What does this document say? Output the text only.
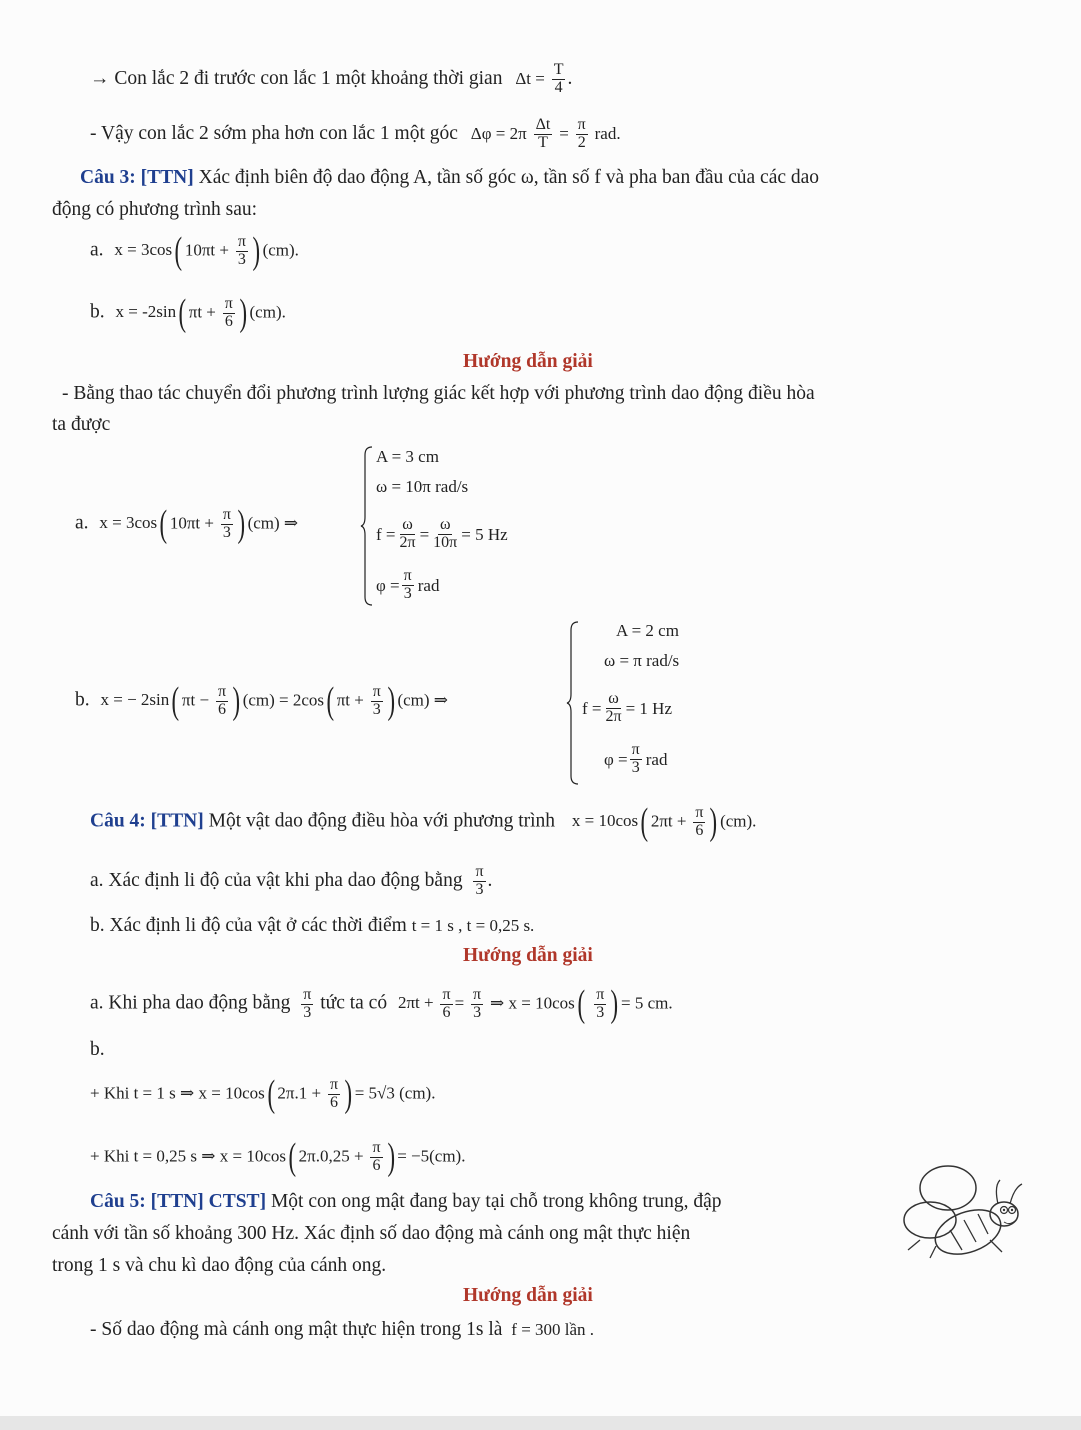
→ Con lắc 2 đi trước con lắc 1 một khoảng thời gian $\Delta t = \frac{T}{4}$ .
- Vậy con lắc 2 sớm pha hơn con lắc 1 một góc $\Delta\varphi = 2\pi \frac{\Delta t}{T} = \frac{\pi}{2}$ rad.
Câu 3: [TTN] Xác định biên độ dao động A, tần số góc ω, tần số f và pha ban đầu của các dao
động có phương trình sau:
a. x = 3cos( $10\pi t + \frac{\pi}{3}$ ) (cm).
b. x = -2sin( $\pi t + \frac{\pi}{6}$ ) (cm).
Hướng dẫn giải
- Bằng thao tác chuyển đổi phương trình lượng giác kết hợp với phương trình dao động điều hòa
ta được
a. x = 3cos( $10\pi t + \frac{\pi}{3}$ ) (cm) ⇒
A = 3 cm
ω = 10π rad/s
$f = \frac{\omega}{2\pi} = \frac{\omega}{10\pi} = 5$ Hz
$\varphi = \frac{\pi}{3}$ rad
b. x = − 2sin( $\pi t - \frac{\pi}{6}$ ) (cm) = 2cos( $\pi t + \frac{\pi}{3}$ ) (cm) ⇒
A = 2 cm
ω = π rad/s
$f = \frac{\omega}{2\pi} = 1$ Hz
$\varphi = \frac{\pi}{3}$ rad
Câu 4: [TTN] Một vật dao động điều hòa với phương trình x = 10cos( $2\pi t + \frac{\pi}{6}$ ) (cm).
a. Xác định li độ của vật khi pha dao động bằng $\frac{\pi}{3}$ .
b. Xác định li độ của vật ở các thời điểm t = 1 s , t = 0,25 s.
Hướng dẫn giải
a. Khi pha dao động bằng $\frac{\pi}{3}$ tức ta có $2\pi t + \frac{\pi}{6} = \frac{\pi}{3}$ ⇒ $x = 10\cos( \frac{\pi}{3}$ ) = 5 cm.
b.
+ Khi t = 1 s ⇒ x = 10cos( $2\pi.1 + \frac{\pi}{6}$ ) = 5√3 (cm).
+ Khi t = 0,25 s ⇒ x = 10cos( $2\pi.0,25 + \frac{\pi}{6}$ ) = −5(cm).
Câu 5: [TTN] CTST] Một con ong mật đang bay tại chỗ trong không trung, đập
cánh với tần số khoảng 300 Hz. Xác định số dao động mà cánh ong mật thực hiện
trong 1 s và chu kì dao động của cánh ong.
Hướng dẫn giải
- Số dao động mà cánh ong mật thực hiện trong 1s là f = 300 lần .
